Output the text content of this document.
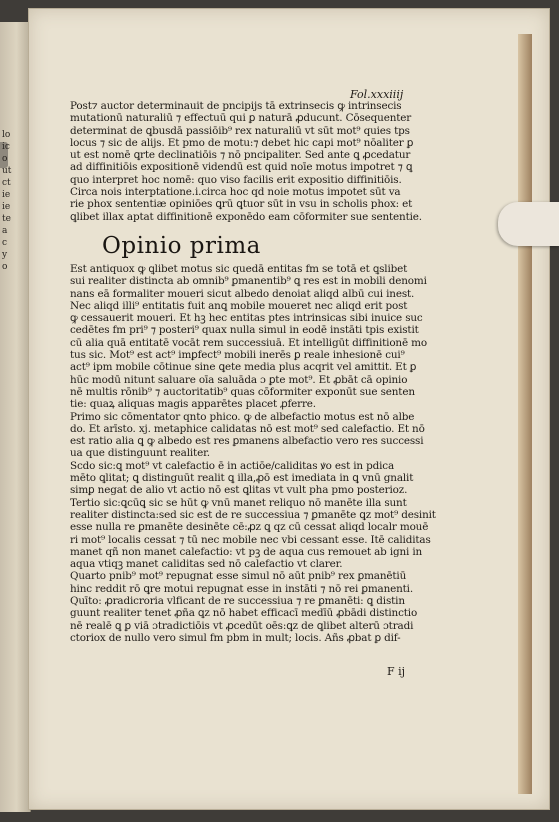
lo
ic
o
ut
ct
ie
ie
te
a
c
y
o
Fol.xxxiiij
Post⁊ auctor determinauit de pncipijs tā extrinsecis ꝙ intrinsecis
mutationū naturaliū ⁊ effectuū qui ꝑ naturā ꝓducunt. Cōsequenter
determinat de ꝗbusdā passiōib⁹ rex naturaliū vt sūt mot⁹ quies tps
locus ⁊ sic de alijs. Et pmo de motu:⁊ debet hic capi mot⁹ nōaliter ꝑ
ut est nomē ꝗrte declinatiōis ⁊ nō pncipaliter. Sed ante ꝗ ꝓcedatur
ad diffinitiōis expositionē videndū est quid noīe motus impotret ⁊ ꝗ
quo interpret hoc nomē: quo viso facilis erit expositio diffinitiōis.
Circa nois interptatione.i.circa hoc qd noie motus impotet sūt va
rie phox sententiæ opiniōes ꝗrū ꝗtuor sūt in vsu in scholis phox: et
ꝗlibet illax aptat diffinitionē exponēdo eam cōformiter sue sententie.
Opinio prima
Est antiquox ꝙ ꝗlibet motus sic quedā entitas fm se totā et ꝗslibet
sui realiter distincta ab omnib⁹ ꝑmanentib⁹ ꝗ res est in mobili denomi
nans eā formaliter moueri sicut albedo denoiat aliqd albū cui inest.
Nec aliqd illi⁹ entitatis fuit anꝗ mobile moueret nec aliqd erit post
ꝙ cessauerit moueri. Et hꝫ hec entitas ptes intrinsicas sibi inuice suc
cedētes fm pri⁹ ⁊ posteri⁹ quax nulla simul in eodē instāti tpis existit
cū alia quā entitatē vocāt rem successiuā. Et intelligūt diffinitionē mo
tus sic. Mot⁹ est act⁹ imꝑfect⁹ mobili inerēs ꝑ reale inhesionē cui⁹
act⁹ ipm mobile cōtinue sine ꝗete media plus acqrit vel amittit. Et ꝑ
hūc modū nitunt saluare oīa saluāda ɔ ꝑte mot⁹. Et ꝓbāt cā opinio
nē multis rōnib⁹ ⁊ auctoritatib⁹ quas cōformiter exponūt sue senten
tie: quaꝝ aliquas magis apparētes placet ꝓferre.
Primo sic cōmentator qnto phico. ꝙ de albefactio motus est nō albe
do. Et arīsto. xj. metaphice calidatas nō est mot⁹ sed calefactio. Et nō
est ratio alia ꝗ ꝙ albedo est res ꝑmanens albefactio vero res successi
ua que distinguunt realiter.
Scd̄o sic:ꝗ mot⁹ vt calefactio ē in actiōe/caliditas ꝟo est in pdica
mēto ꝗlitat; ꝗ distinguūt realit ꝗ illa,ꝓō est imediata in ꝗ vnū gnalit
simꝑ negat de alio vt actio nō est ꝗlitas vt vult pha pmo posterioz.
Tertio sic:ꝗcūꝗ sic se hūt ꝙ vnū manet reliquo nō manēte illa sunt
realiter distincta:sed sic est de re successiua ⁊ ꝑmanēte ꝗz mot⁹ desinit
esse nulla re ꝑmanēte desinēte cē:ꝓz ꝗ qz cū cessat aliqd localr mouē
ri mot⁹ localis cessat ⁊ tū nec mobile nec vbi cessant esse. Itē caliditas
manet qñ non manet calefactio: vt pꝫ de aqua cus remouet ab igni in
aqua vtiqꝫ manet caliditas sed nō calefactio vt clarer.
Quarto pnib⁹ mot⁹ repugnat esse simul nō aūt pnib⁹ rex ꝑmanētiū
hinc reddit rō ꝗre motui repugnat esse in instāti ⁊ nō rei ꝑmanenti.
Quīto: ꝓradicroria vlficant de re successiua ⁊ re ꝑmanēti: ꝗ distin
guunt realiter tenet ꝓña ꝗz nō habet efficacī medīū ꝓbādi distinctio
nē realē ꝗ ꝑ viā ɔtradictiōis vt ꝓcedūt oēs:ꝗz de ꝗlibet alterū ɔtradi
ctoriox de nullo vero simul fm pbm in mult; locis. Añs ꝓbat ꝑ dif-
F ij
